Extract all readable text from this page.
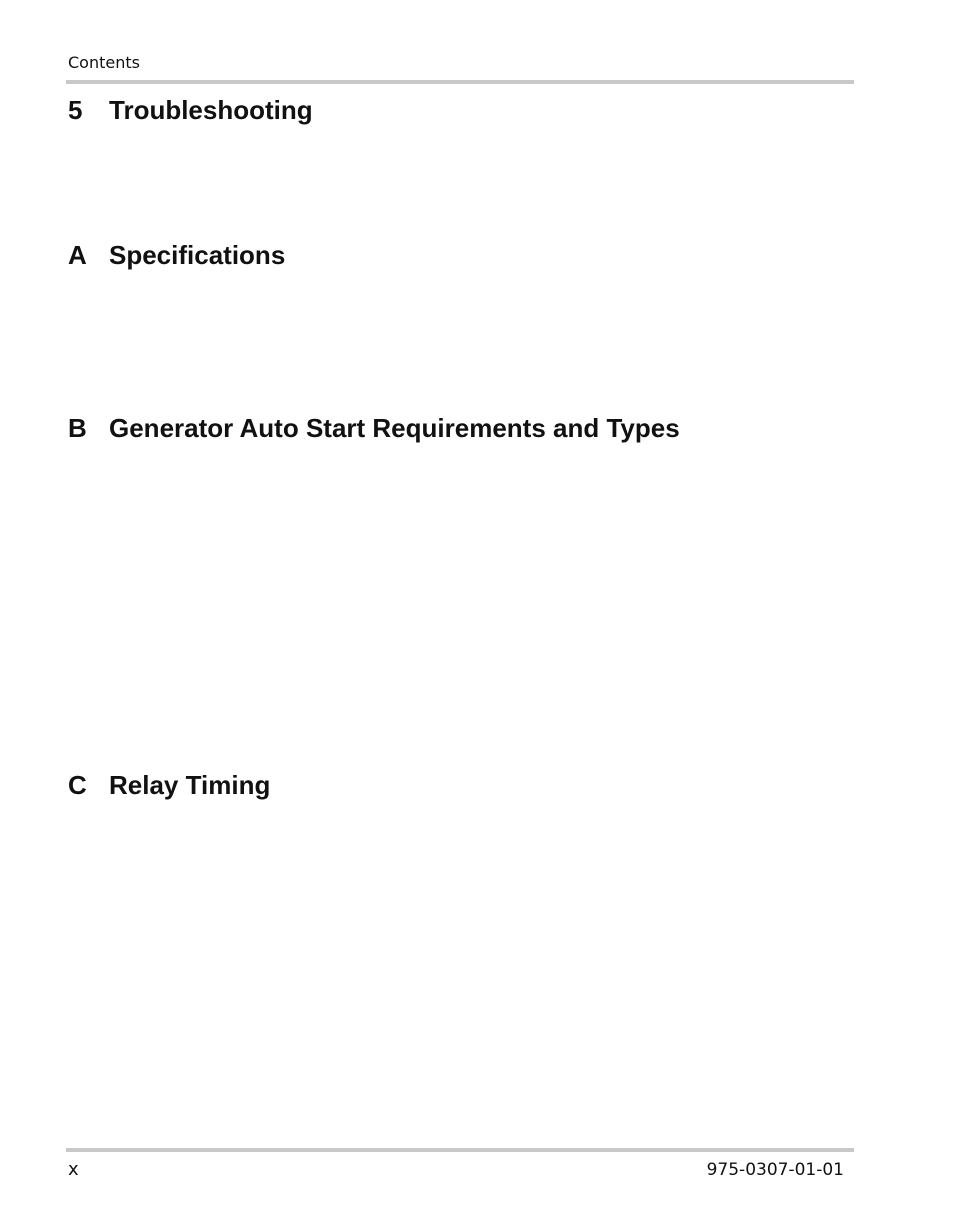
Contents
5 Troubleshooting
A Specifications
B Generator Auto Start Requirements and Types
C Relay Timing
x	975-0307-01-01
